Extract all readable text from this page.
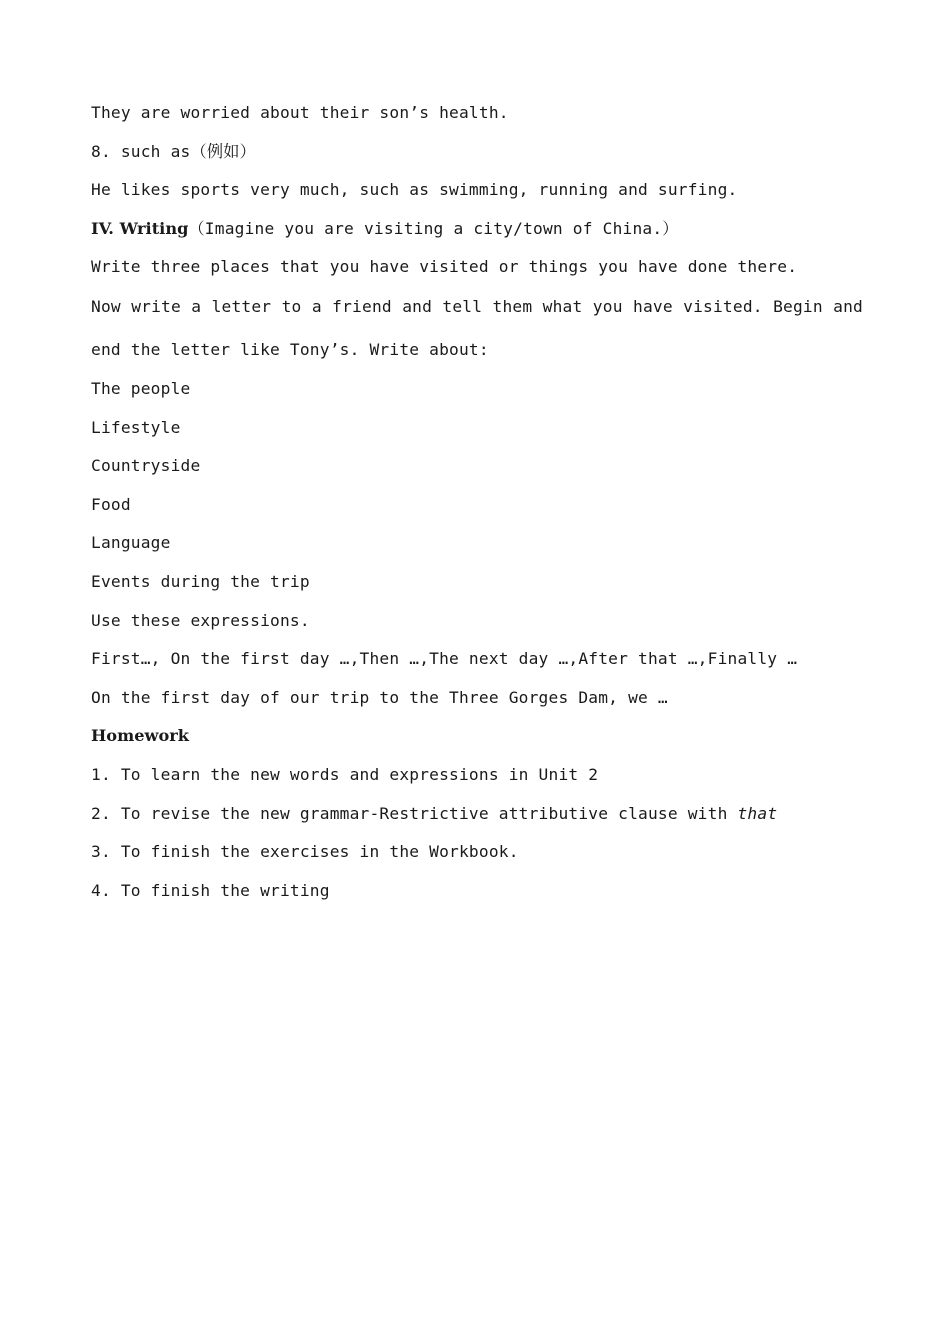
They are worried about their son’s health.
8. such as（例如）
He likes sports very much, such as swimming, running and surfing.
IV. Writing（Imagine you are visiting a city/town of China.）
Write three places that you have visited or things you have done there.
Now write a letter to a friend and tell them what you have visited. Begin and end the letter like Tony’s. Write about:
The people
Lifestyle
Countryside
Food
Language
Events during the trip
Use these expressions.
First…, On the first day …,Then …,The next day …,After that …,Finally …
On the first day of our trip to the Three Gorges Dam, we …
Homework
1. To learn the new words and expressions in Unit 2
2. To revise the new grammar-Restrictive attributive clause with that
3. To finish the exercises in the Workbook.
4. To finish the writing
